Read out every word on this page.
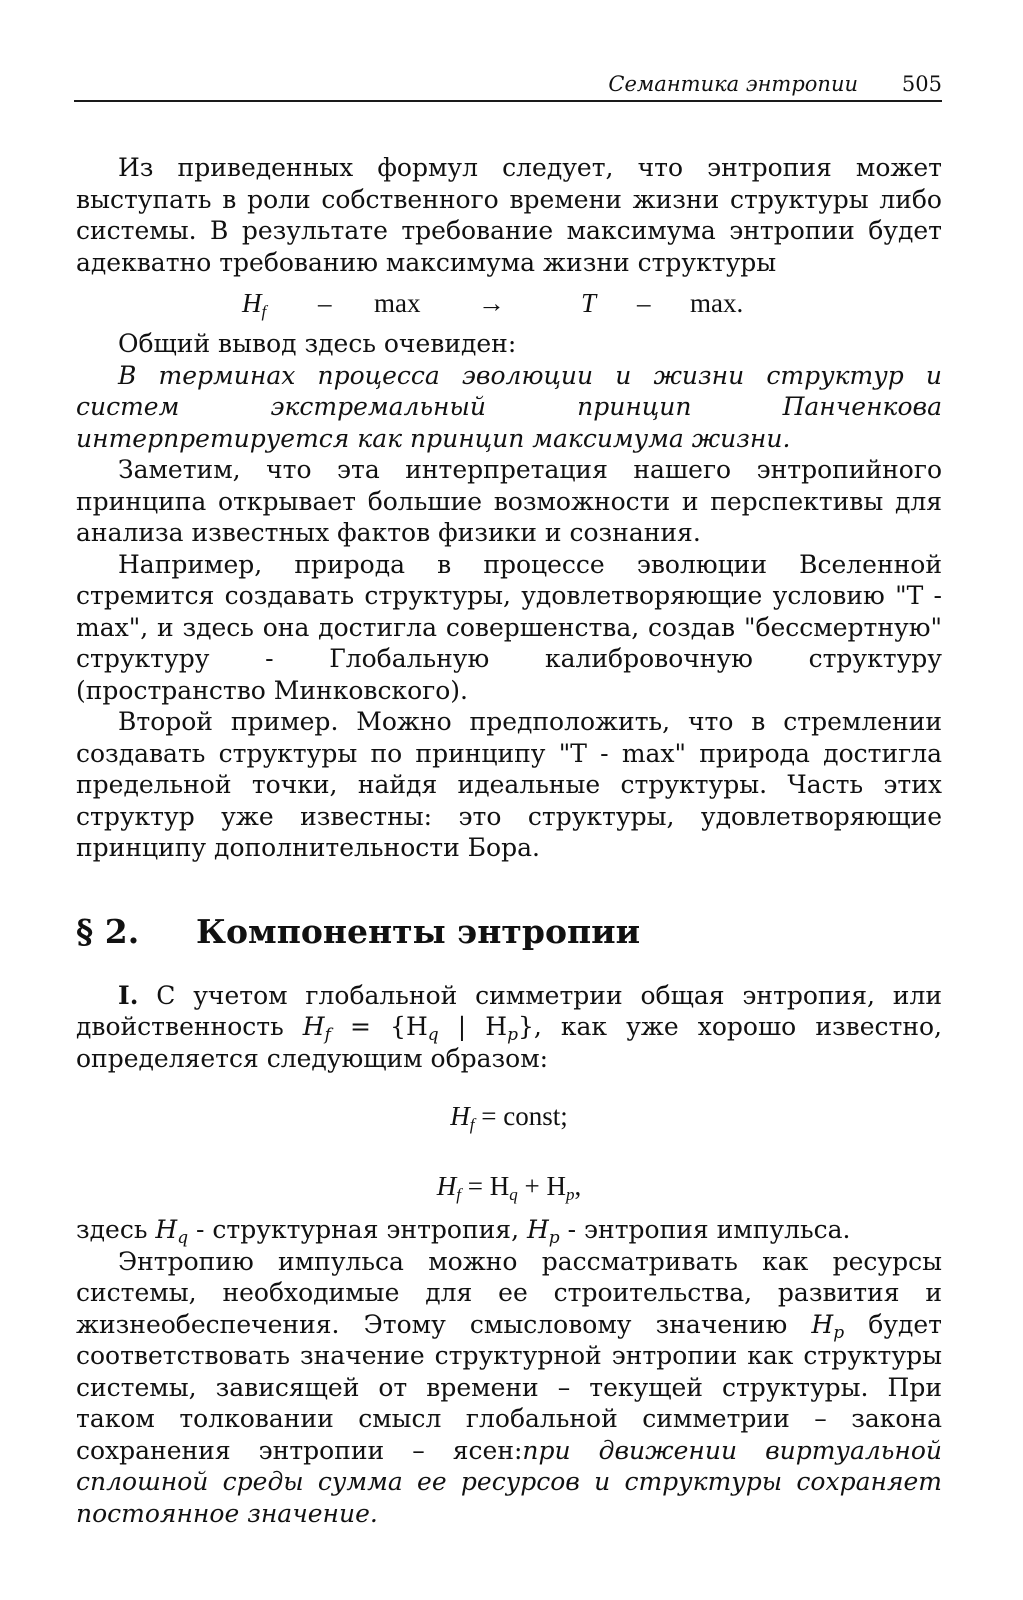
Семантика энтропии 505

Из приведенных формул следует, что энтропия может выступать в роли собственного времени жизни структуры либо системы. В результате требование максимума энтропии будет адекватно требованию максимума жизни структуры

$H_f$ – max →	T – max.

Общий вывод здесь очевиден:

В терминах процесса эволюции и жизни структур и систем экстремальный принцип Панченкова интерпретируется как принцип максимума жизни.

Заметим, что эта интерпретация нашего энтропийного принципа открывает большие возможности и перспективы для анализа известных фактов физики и сознания.

Например, природа в процессе эволюции Вселенной стремится создавать структуры, удовлетворяющие условию "T - max", и здесь она достигла совершенства, создав "бессмертную" структуру - Глобальную калибровочную структуру (пространство Минковского).

Второй пример. Можно предположить, что в стремлении создавать структуры по принципу "T - max" природа достигла предельной точки, найдя идеальные структуры. Часть этих структур уже известны: это структуры, удовлетворяющие принципу дополнительности Бора.

§ 2. Компоненты энтропии

I. С учетом глобальной симметрии общая энтропия, или двойственность $H_f = \{H_q$ | $H_p$}, как уже хорошо известно, определяется следующим образом:

$H_f$ = const;
$H_f = H_q + H_p$,

здесь $H_q$ - структурная энтропия, $H_p$ - энтропия импульса.

Энтропию импульса можно рассматривать как ресурсы системы, необходимые для ее строительства, развития и жизнеобеспечения. Этому смысловому значению $H_p$ будет соответствовать значение структурной энтропии как структуры системы, зависящей от времени – текущей структуры. При таком толковании смысл глобальной симметрии – закона сохранения энтропии – ясен:при движении виртуальной сплошной среды сумма ее ресурсов и структуры сохраняет постоянное значение.
